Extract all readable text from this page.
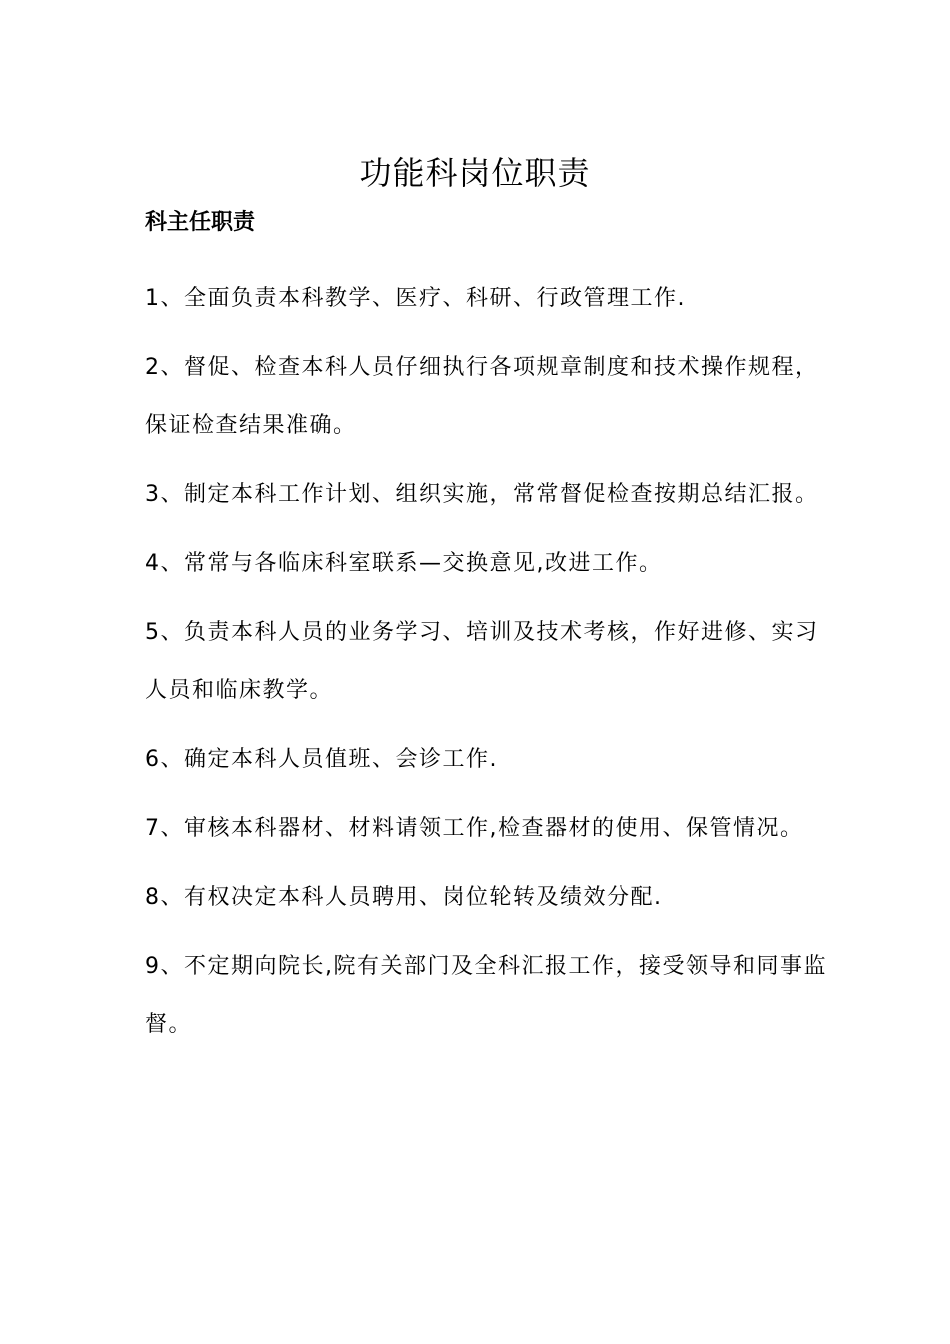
功能科岗位职责
科主任职责
1、全面负责本科教学、医疗、科研、行政管理工作.
2、督促、检查本科人员仔细执行各项规章制度和技术操作规程，保证检查结果准确。
3、制定本科工作计划、组织实施，常常督促检查按期总结汇报。
4、常常与各临床科室联系—交换意见,改进工作。
5、负责本科人员的业务学习、培训及技术考核，作好进修、实习人员和临床教学。
6、确定本科人员值班、会诊工作.
7、审核本科器材、材料请领工作,检查器材的使用、保管情况。
8、有权决定本科人员聘用、岗位轮转及绩效分配.
9、不定期向院长,院有关部门及全科汇报工作，接受领导和同事监督。
